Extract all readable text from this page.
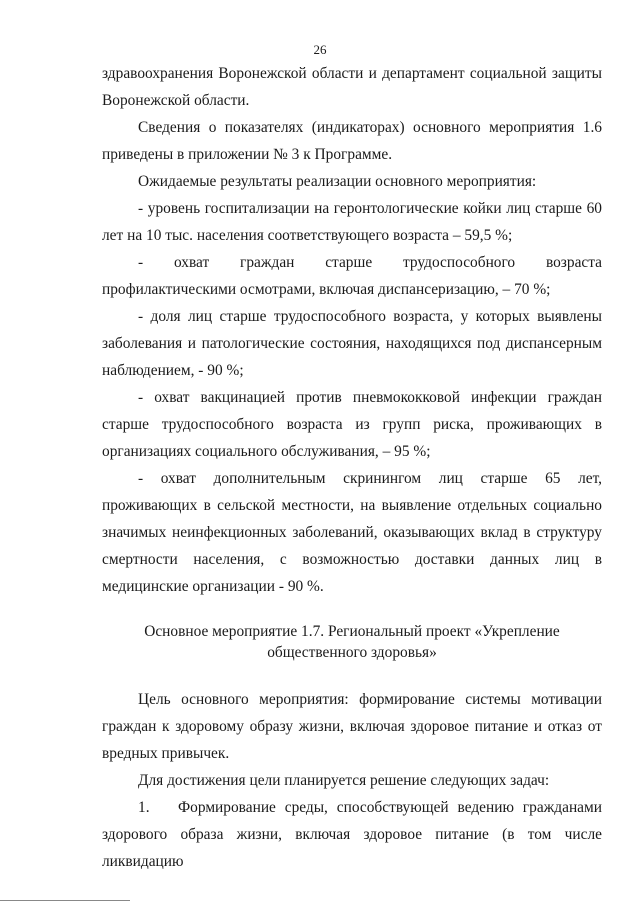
26

здравоохранения Воронежской области и департамент социальной защиты Воронежской области.

Сведения о показателях (индикаторах) основного мероприятия 1.6 приведены в приложении № 3 к Программе.

Ожидаемые результаты реализации основного мероприятия:

- уровень госпитализации на геронтологические койки лиц старше 60 лет на 10 тыс. населения соответствующего возраста – 59,5 %;

- охват граждан старше трудоспособного возраста профилактическими осмотрами, включая диспансеризацию, – 70 %;

- доля лиц старше трудоспособного возраста, у которых выявлены заболевания и патологические состояния, находящихся под диспансерным наблюдением, - 90 %;

- охват вакцинацией против пневмококковой инфекции граждан старше трудоспособного возраста из групп риска, проживающих в организациях социального обслуживания, – 95 %;

- охват дополнительным скринингом лиц старше 65 лет, проживающих в сельской местности, на выявление отдельных социально значимых неинфекционных заболеваний, оказывающих вклад в структуру смертности населения, с возможностью доставки данных лиц в медицинские организации - 90 %.

Основное мероприятие 1.7. Региональный проект «Укрепление общественного здоровья»

Цель основного мероприятия: формирование системы мотивации граждан к здоровому образу жизни, включая здоровое питание и отказ от вредных привычек.

Для достижения цели планируется решение следующих задач:

1. Формирование среды, способствующей ведению гражданами здорового образа жизни, включая здоровое питание (в том числе ликвидацию
